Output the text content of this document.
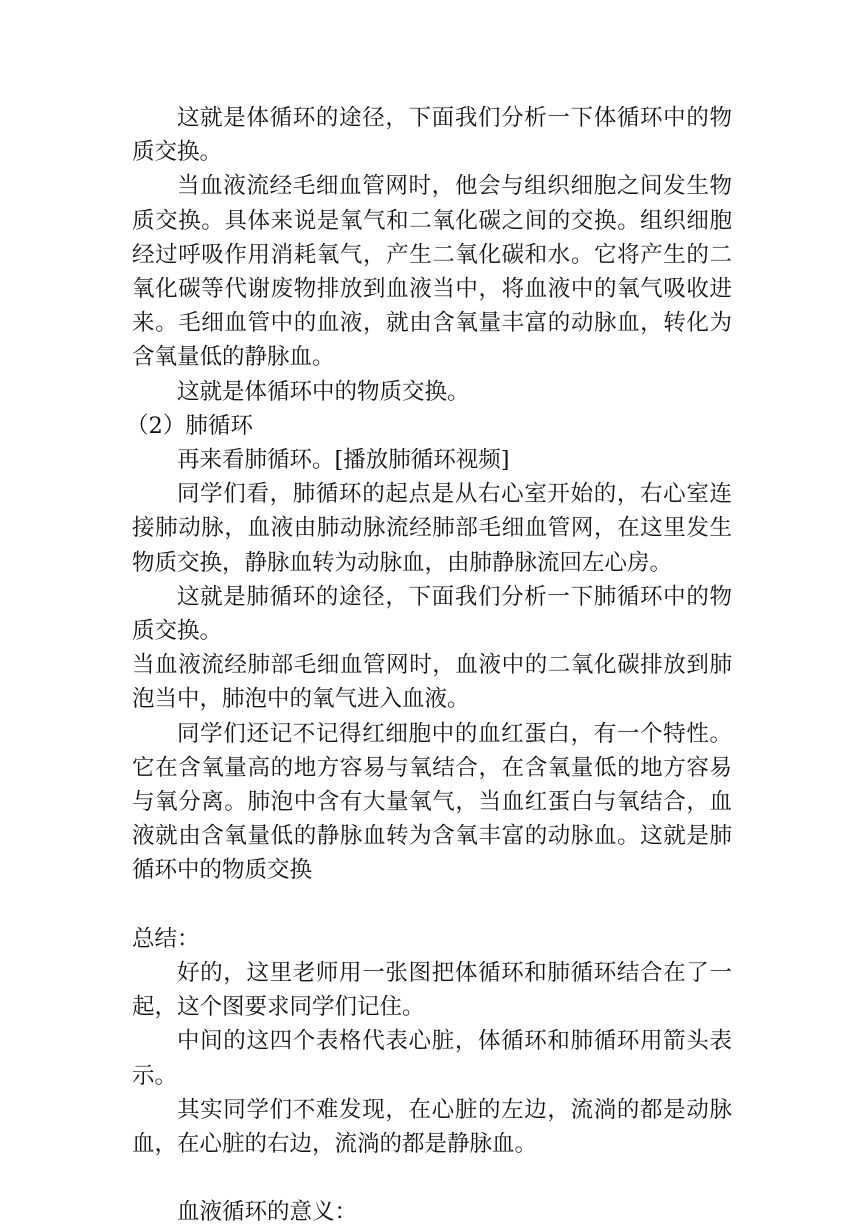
这就是体循环的途径，下面我们分析一下体循环中的物质交换。

当血液流经毛细血管网时，他会与组织细胞之间发生物质交换。具体来说是氧气和二氧化碳之间的交换。组织细胞经过呼吸作用消耗氧气，产生二氧化碳和水。它将产生的二氧化碳等代谢废物排放到血液当中，将血液中的氧气吸收进来。毛细血管中的血液，就由含氧量丰富的动脉血，转化为含氧量低的静脉血。

这就是体循环中的物质交换。

（2）肺循环

再来看肺循环。[播放肺循环视频]

同学们看，肺循环的起点是从右心室开始的，右心室连接肺动脉，血液由肺动脉流经肺部毛细血管网，在这里发生物质交换，静脉血转为动脉血，由肺静脉流回左心房。

这就是肺循环的途径，下面我们分析一下肺循环中的物质交换。

当血液流经肺部毛细血管网时，血液中的二氧化碳排放到肺泡当中，肺泡中的氧气进入血液。

同学们还记不记得红细胞中的血红蛋白，有一个特性。它在含氧量高的地方容易与氧结合，在含氧量低的地方容易与氧分离。肺泡中含有大量氧气，当血红蛋白与氧结合，血液就由含氧量低的静脉血转为含氧丰富的动脉血。这就是肺循环中的物质交换

总结：

好的，这里老师用一张图把体循环和肺循环结合在了一起，这个图要求同学们记住。

中间的这四个表格代表心脏，体循环和肺循环用箭头表示。

其实同学们不难发现，在心脏的左边，流淌的都是动脉血，在心脏的右边，流淌的都是静脉血。

血液循环的意义：
